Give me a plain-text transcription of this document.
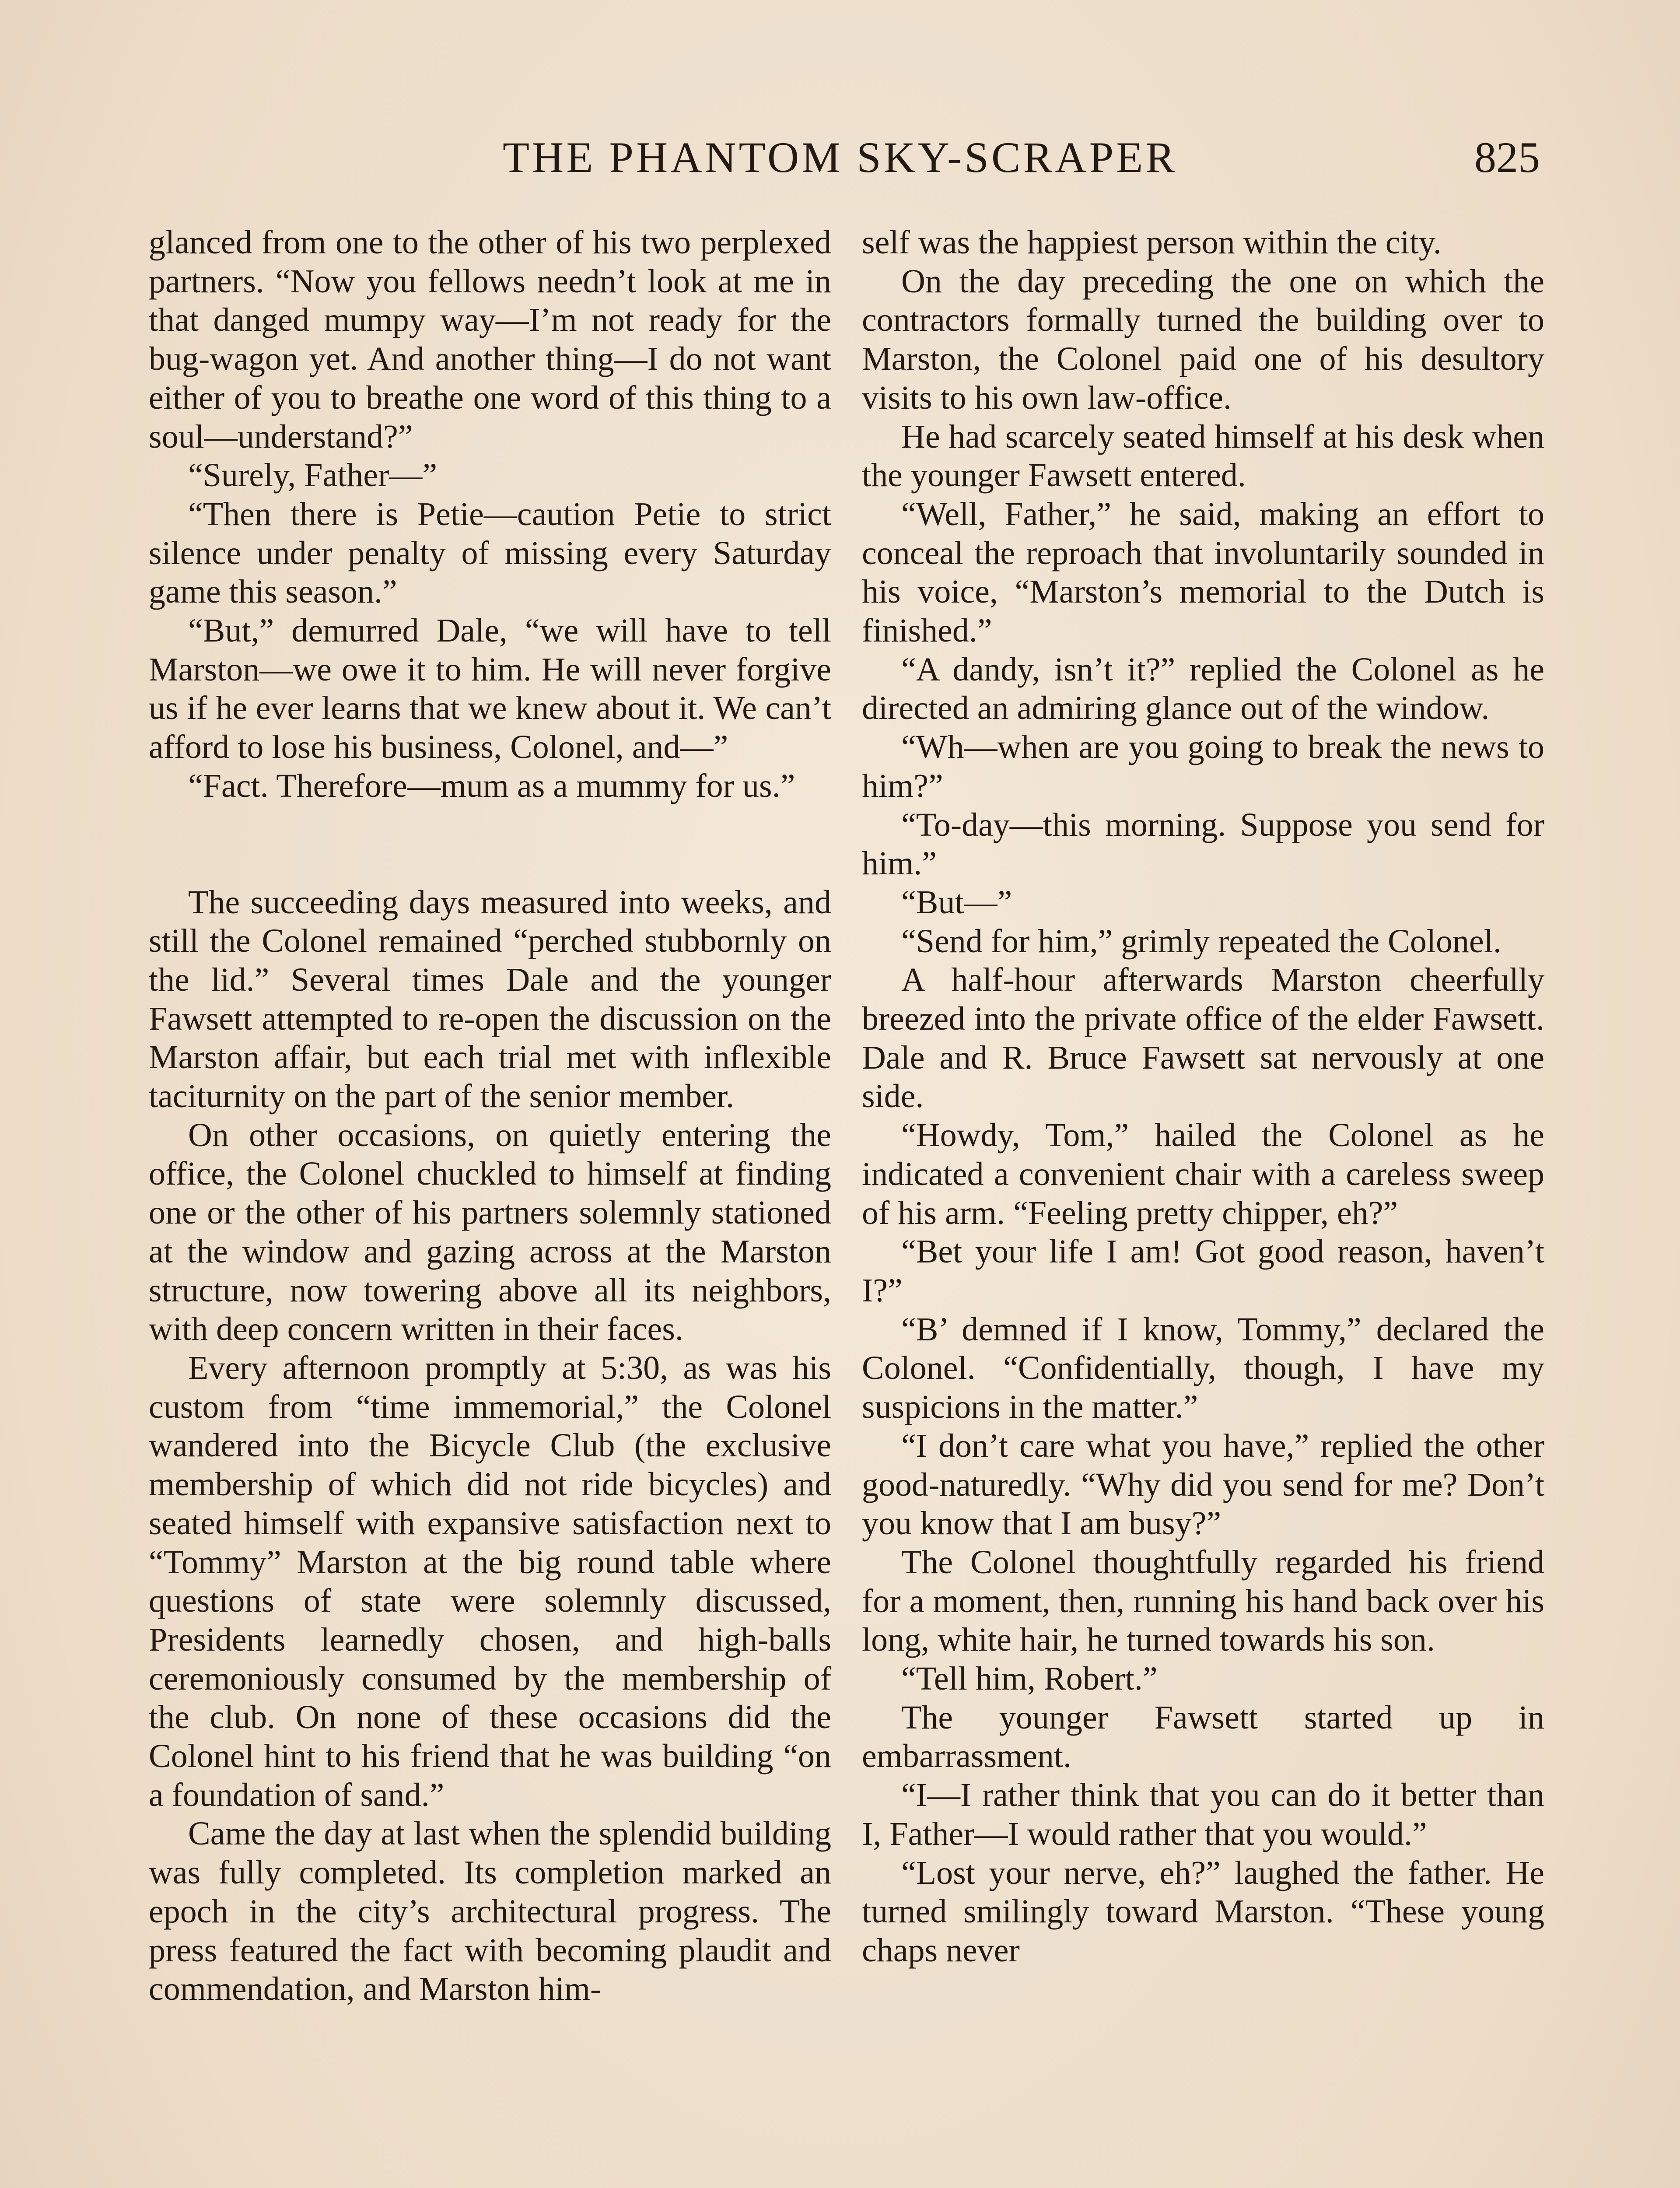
THE PHANTOM SKY-SCRAPER	825

glanced from one to the other of his two perplexed partners. “Now you fellows needn’t look at me in that danged mumpy way—I’m not ready for the bug-wagon yet. And another thing—I do not want either of you to breathe one word of this thing to a soul—understand?”

“Surely, Father—”

“Then there is Petie—caution Petie to strict silence under penalty of missing every Saturday game this season.”

“But,” demurred Dale, “we will have to tell Marston—we owe it to him. He will never forgive us if he ever learns that we knew about it. We can’t afford to lose his business, Colonel, and—”

“Fact. Therefore—mum as a mummy for us.”

The succeeding days measured into weeks, and still the Colonel remained “perched stubbornly on the lid.” Several times Dale and the younger Fawsett attempted to re-open the discussion on the Marston affair, but each trial met with inflexible taciturnity on the part of the senior member.

On other occasions, on quietly entering the office, the Colonel chuckled to himself at finding one or the other of his partners solemnly stationed at the window and gazing across at the Marston structure, now towering above all its neighbors, with deep concern written in their faces.

Every afternoon promptly at 5:30, as was his custom from “time immemorial,” the Colonel wandered into the Bicycle Club (the exclusive membership of which did not ride bicycles) and seated himself with expansive satisfaction next to “Tommy” Marston at the big round table where questions of state were solemnly discussed, Presidents learnedly chosen, and high-balls ceremoniously consumed by the membership of the club. On none of these occasions did the Colonel hint to his friend that he was building “on a foundation of sand.”

Came the day at last when the splendid building was fully completed. Its completion marked an epoch in the city’s architectural progress. The press featured the fact with becoming plaudit and commendation, and Marston him-

self was the happiest person within the city.

On the day preceding the one on which the contractors formally turned the building over to Marston, the Colonel paid one of his desultory visits to his own law-office.

He had scarcely seated himself at his desk when the younger Fawsett entered.

“Well, Father,” he said, making an effort to conceal the reproach that involuntarily sounded in his voice, “Marston’s memorial to the Dutch is finished.”

“A dandy, isn’t it?” replied the Colonel as he directed an admiring glance out of the window.

“Wh—when are you going to break the news to him?”

“To-day—this morning. Suppose you send for him.”

“But—”

“Send for him,” grimly repeated the Colonel.

A half-hour afterwards Marston cheerfully breezed into the private office of the elder Fawsett. Dale and R. Bruce Fawsett sat nervously at one side.

“Howdy, Tom,” hailed the Colonel as he indicated a convenient chair with a careless sweep of his arm. “Feeling pretty chipper, eh?”

“Bet your life I am! Got good reason, haven’t I?”

“B’ demned if I know, Tommy,” declared the Colonel. “Confidentially, though, I have my suspicions in the matter.”

“I don’t care what you have,” replied the other good-naturedly. “Why did you send for me? Don’t you know that I am busy?”

The Colonel thoughtfully regarded his friend for a moment, then, running his hand back over his long, white hair, he turned towards his son.

“Tell him, Robert.”

The younger Fawsett started up in embarrassment.

“I—I rather think that you can do it better than I, Father—I would rather that you would.”

“Lost your nerve, eh?” laughed the father. He turned smilingly toward Marston. “These young chaps never
